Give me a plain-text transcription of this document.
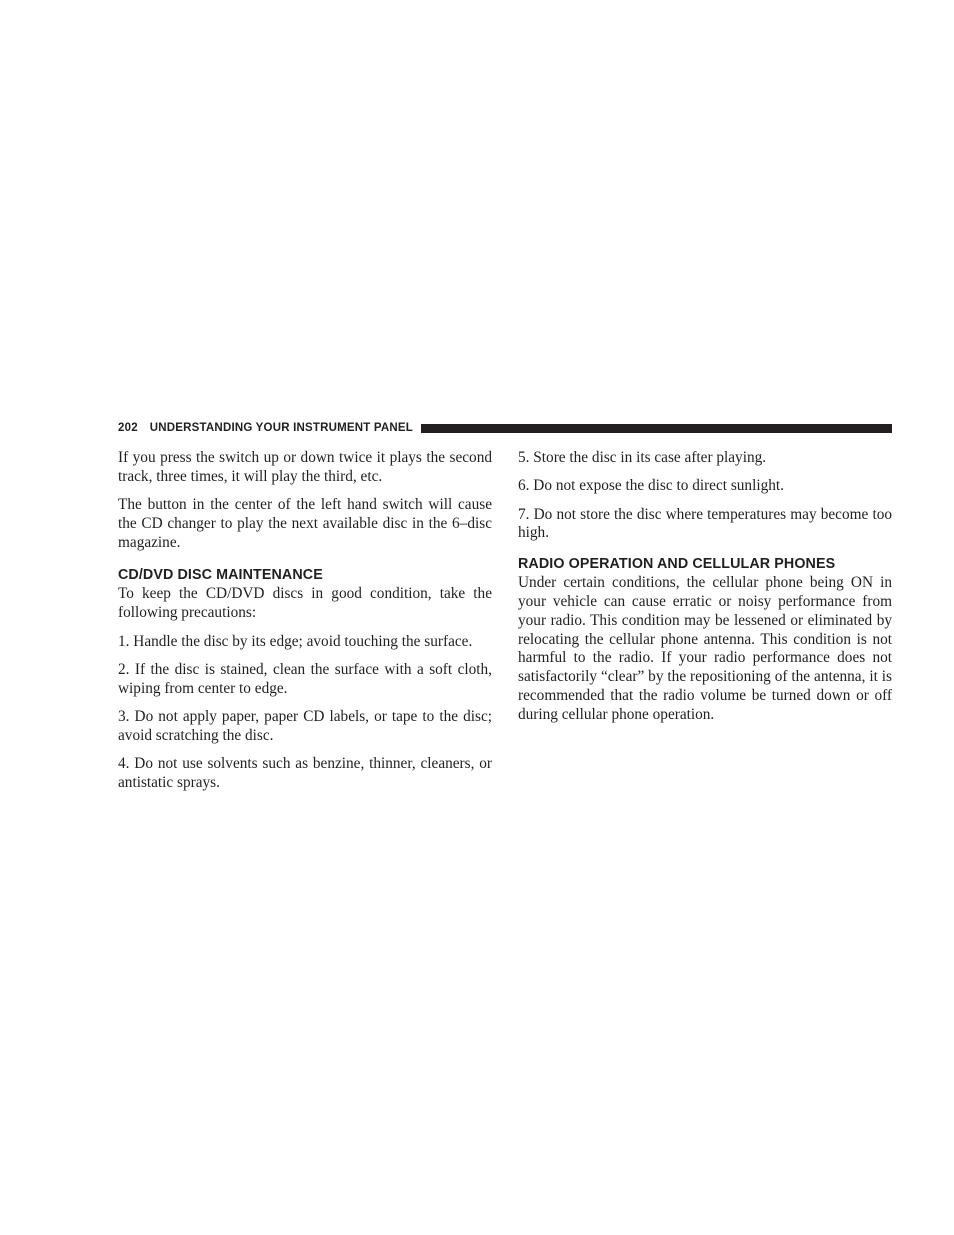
202 UNDERSTANDING YOUR INSTRUMENT PANEL

If you press the switch up or down twice it plays the second track, three times, it will play the third, etc.

The button in the center of the left hand switch will cause the CD changer to play the next available disc in the 6–disc magazine.

CD/DVD DISC MAINTENANCE

To keep the CD/DVD discs in good condition, take the following precautions:

1. Handle the disc by its edge; avoid touching the surface.

2. If the disc is stained, clean the surface with a soft cloth, wiping from center to edge.

3. Do not apply paper, paper CD labels, or tape to the disc; avoid scratching the disc.

4. Do not use solvents such as benzine, thinner, cleaners, or antistatic sprays.

5. Store the disc in its case after playing.

6. Do not expose the disc to direct sunlight.

7. Do not store the disc where temperatures may become too high.

RADIO OPERATION AND CELLULAR PHONES

Under certain conditions, the cellular phone being ON in your vehicle can cause erratic or noisy performance from your radio. This condition may be lessened or eliminated by relocating the cellular phone antenna. This condition is not harmful to the radio. If your radio performance does not satisfactorily “clear” by the repositioning of the antenna, it is recommended that the radio volume be turned down or off during cellular phone operation.
